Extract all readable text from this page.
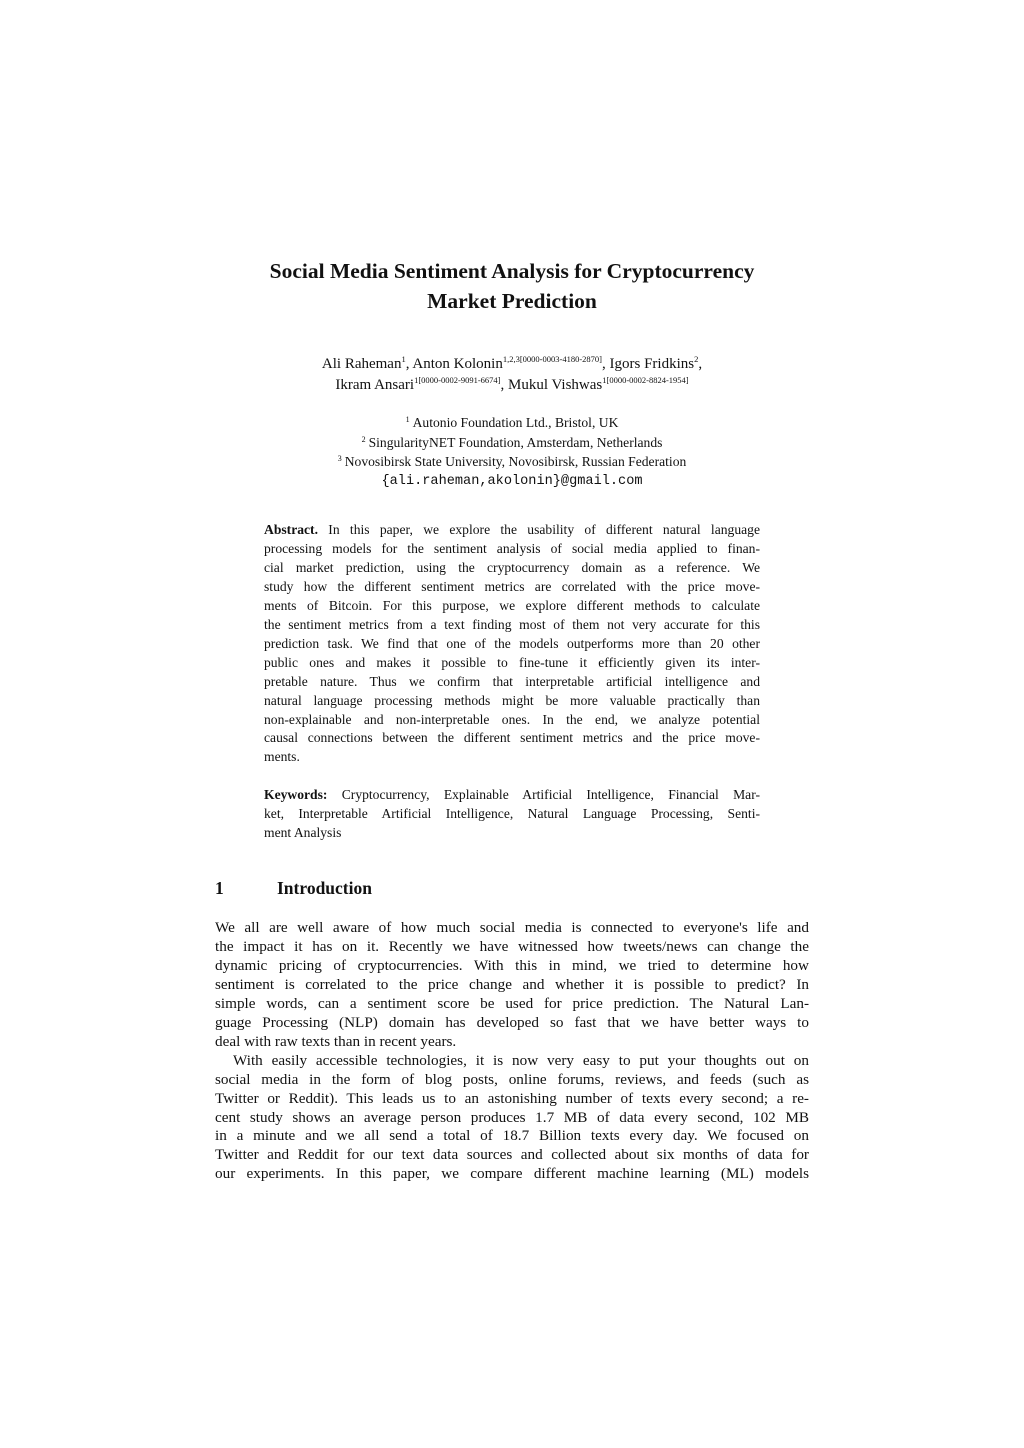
Social Media Sentiment Analysis for Cryptocurrency
Market Prediction
Ali Raheman$^1$, Anton Kolonin$^{1,2,3[0000-0003-4180-2870]}$, Igors Fridkins$^2$,
Ikram Ansari$^{1[0000-0002-9091-6674]}$, Mukul Vishwas$^{1[0000-0002-8824-1954]}$
$^1$ Autonio Foundation Ltd., Bristol, UK
$^2$ SingularityNET Foundation, Amsterdam, Netherlands
$^3$ Novosibirsk State University, Novosibirsk, Russian Federation
{ali.raheman,akolonin}@gmail.com
Abstract. In this paper, we explore the usability of different natural language
processing models for the sentiment analysis of social media applied to finan-
cial market prediction, using the cryptocurrency domain as a reference. We
study how the different sentiment metrics are correlated with the price move-
ments of Bitcoin. For this purpose, we explore different methods to calculate
the sentiment metrics from a text finding most of them not very accurate for this
prediction task. We find that one of the models outperforms more than 20 other
public ones and makes it possible to fine-tune it efficiently given its inter-
pretable nature. Thus we confirm that interpretable artificial intelligence and
natural language processing methods might be more valuable practically than
non-explainable and non-interpretable ones. In the end, we analyze potential
causal connections between the different sentiment metrics and the price move-
ments.
Keywords: Cryptocurrency, Explainable Artificial Intelligence, Financial Mar-
ket, Interpretable Artificial Intelligence, Natural Language Processing, Senti-
ment Analysis
1	Introduction
We all are well aware of how much social media is connected to everyone's life and
the impact it has on it. Recently we have witnessed how tweets/news can change the
dynamic pricing of cryptocurrencies. With this in mind, we tried to determine how
sentiment is correlated to the price change and whether it is possible to predict? In
simple words, can a sentiment score be used for price prediction. The Natural Lan-
guage Processing (NLP) domain has developed so fast that we have better ways to
deal with raw texts than in recent years.
With easily accessible technologies, it is now very easy to put your thoughts out on
social media in the form of blog posts, online forums, reviews, and feeds (such as
Twitter or Reddit). This leads us to an astonishing number of texts every second; a re-
cent study shows an average person produces 1.7 MB of data every second, 102 MB
in a minute and we all send a total of 18.7 Billion texts every day. We focused on
Twitter and Reddit for our text data sources and collected about six months of data for
our experiments. In this paper, we compare different machine learning (ML) models
